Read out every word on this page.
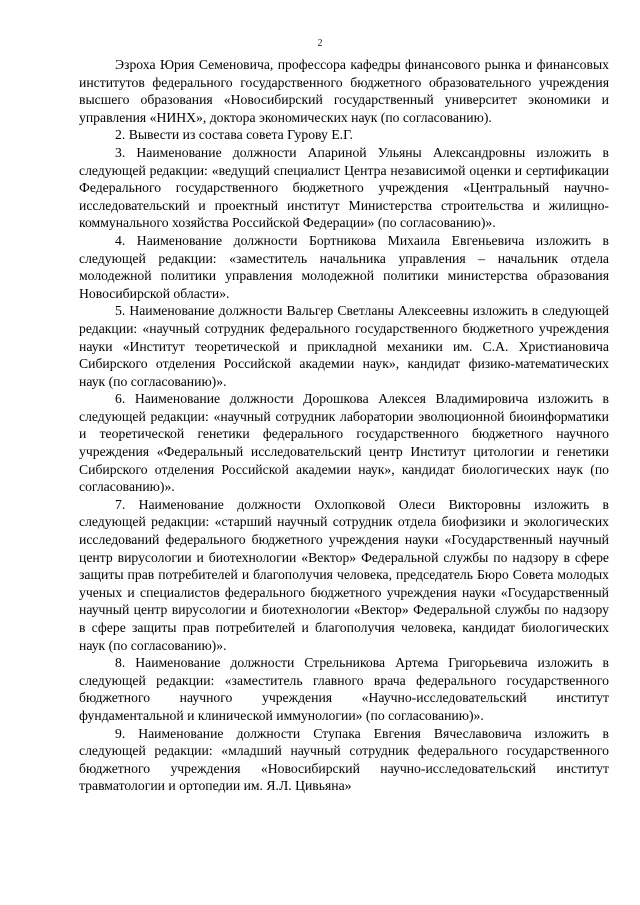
2

Эзроха Юрия Семеновича, профессора кафедры финансового рынка и финансовых институтов федерального государственного бюджетного образовательного учреждения высшего образования «Новосибирский государственный университет экономики и управления «НИНХ», доктора экономических наук (по согласованию).

2. Вывести из состава совета Гурову Е.Г.

3. Наименование должности Апариной Ульяны Александровны изложить в следующей редакции: «ведущий специалист Центра независимой оценки и сертификации Федерального государственного бюджетного учреждения «Центральный научно-исследовательский и проектный институт Министерства строительства и жилищно-коммунального хозяйства Российской Федерации» (по согласованию)».

4. Наименование должности Бортникова Михаила Евгеньевича изложить в следующей редакции: «заместитель начальника управления – начальник отдела молодежной политики управления молодежной политики министерства образования Новосибирской области».

5. Наименование должности Вальгер Светланы Алексеевны изложить в следующей редакции: «научный сотрудник федерального государственного бюджетного учреждения науки «Институт теоретической и прикладной механики им. С.А. Христиановича Сибирского отделения Российской академии наук», кандидат физико-математических наук (по согласованию)».

6. Наименование должности Дорошкова Алексея Владимировича изложить в следующей редакции: «научный сотрудник лаборатории эволюционной биоинформатики и теоретической генетики федерального государственного бюджетного научного учреждения «Федеральный исследовательский центр Институт цитологии и генетики Сибирского отделения Российской академии наук», кандидат биологических наук (по согласованию)».

7. Наименование должности Охлопковой Олеси Викторовны изложить в следующей редакции: «старший научный сотрудник отдела биофизики и экологических исследований федерального бюджетного учреждения науки «Государственный научный центр вирусологии и биотехнологии «Вектор» Федеральной службы по надзору в сфере защиты прав потребителей и благополучия человека, председатель Бюро Совета молодых ученых и специалистов федерального бюджетного учреждения науки «Государственный научный центр вирусологии и биотехнологии «Вектор» Федеральной службы по надзору в сфере защиты прав потребителей и благополучия человека, кандидат биологических наук (по согласованию)».

8. Наименование должности Стрельникова Артема Григорьевича изложить в следующей редакции: «заместитель главного врача федерального государственного бюджетного научного учреждения «Научно-исследовательский институт фундаментальной и клинической иммунологии» (по согласованию)».

9. Наименование должности Ступака Евгения Вячеславовича изложить в следующей редакции: «младший научный сотрудник федерального государственного бюджетного учреждения «Новосибирский научно-исследовательский институт травматологии и ортопедии им. Я.Л. Цивьяна»
